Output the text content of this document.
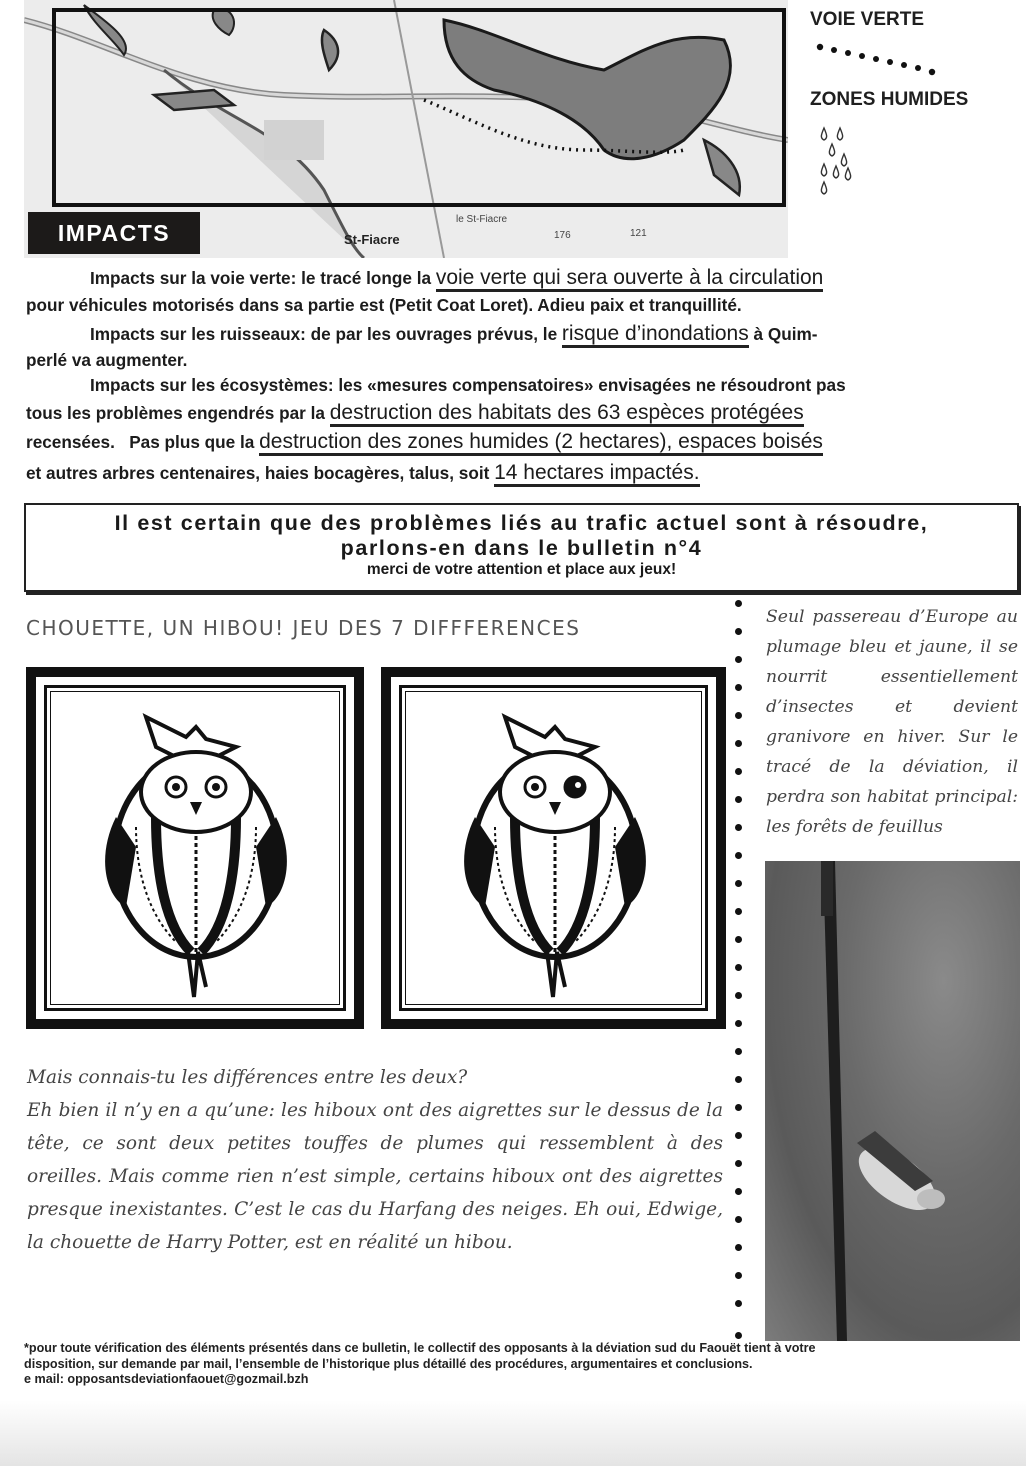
St-Fiacre
le St-Fiacre
176	121
IMPACTS
VOIE VERTE
ZONES HUMIDES
Impacts sur la voie verte: le tracé longe la voie verte qui sera ouverte à la circulation
pour véhicules motorisés dans sa partie est (Petit Coat Loret). Adieu paix et tranquillité.
Impacts sur les ruisseaux: de par les ouvrages prévus, le risque d’inondations à Quim-
perlé va augmenter.
Impacts sur les écosystèmes: les «mesures compensatoires» envisagées ne résoudront pas
tous les problèmes engendrés par la destruction des habitats des 63 espèces protégées
recensées.   Pas plus que la destruction des zones humides (2 hectares), espaces boisés
et autres arbres centenaires, haies bocagères, talus, soit 14 hectares impactés.
Il est certain que des problèmes liés au trafic actuel sont à résoudre,
parlons-en dans le bulletin n°4
merci de votre attention et place aux jeux!
CHOUETTE, UN HIBOU! JEU DES 7 DIFFFERENCES	Seul passereau d’Europe au plumage bleu et jaune, il se nourrit essentiellement d’insectes et devient granivore en hiver. Sur le tracé de la déviation, il perdra son habitat principal: les forêts de feuillus
Mais connais-tu les différences entre les deux?
Eh bien il n’y en a qu’une: les hiboux ont des aigrettes sur le dessus de la tête, ce sont deux petites touffes de plumes qui ressemblent à des oreilles. Mais comme rien n’est simple, certains hiboux ont des aigrettes presque inexistantes. C’est le cas du Harfang des neiges. Eh oui, Edwige, la chouette de Harry Potter, est en réalité un hibou.
*pour toute vérification des éléments présentés dans ce bulletin, le collectif des opposants à la déviation sud du Faouët tient à votre
disposition, sur demande par mail, l’ensemble de l’historique plus détaillé des procédures, argumentaires et conclusions.
e mail: opposantsdeviationfaouet@gozmail.bzh
